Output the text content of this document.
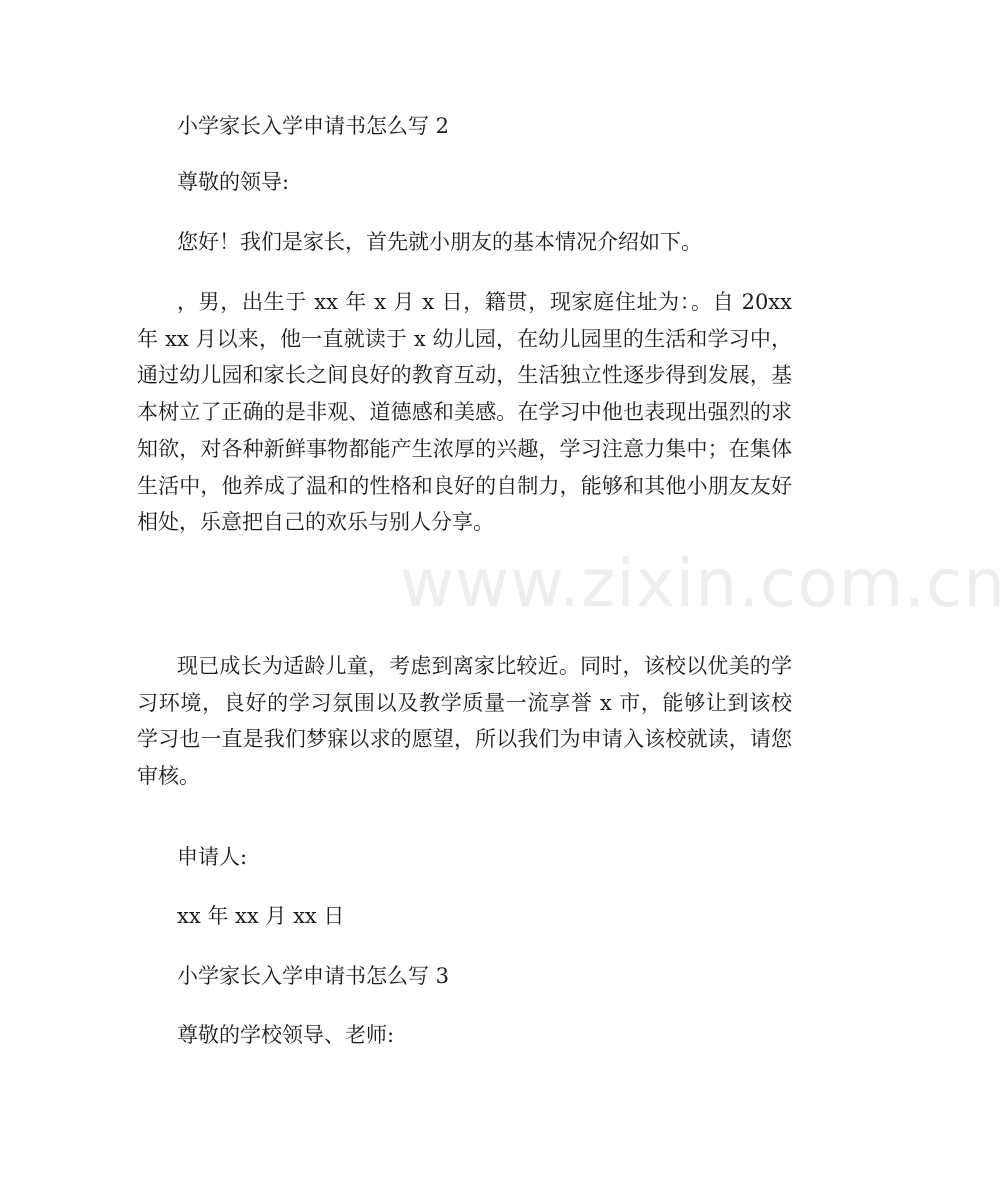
小学家长入学申请书怎么写 2

尊敬的领导:

您好！我们是家长，首先就小朋友的基本情况介绍如下。

，男，出生于 xx 年 x 月 x 日，籍贯，现家庭住址为：。自 20xx 年 xx 月以来，他一直就读于 x 幼儿园，在幼儿园里的生活和学习中，通过幼儿园和家长之间良好的教育互动，生活独立性逐步得到发展，基本树立了正确的是非观、道德感和美感。在学习中他也表现出强烈的求知欲，对各种新鲜事物都能产生浓厚的兴趣，学习注意力集中；在集体生活中，他养成了温和的性格和良好的自制力，能够和其他小朋友友好相处，乐意把自己的欢乐与别人分享。

现已成长为适龄儿童，考虑到离家比较近。同时，该校以优美的学习环境，良好的学习氛围以及教学质量一流享誉 x 市，能够让到该校学习也一直是我们梦寐以求的愿望，所以我们为申请入该校就读，请您审核。

申请人:

xx 年 xx 月 xx 日

小学家长入学申请书怎么写 3

尊敬的学校领导、老师:

www.zixin.com.cn
